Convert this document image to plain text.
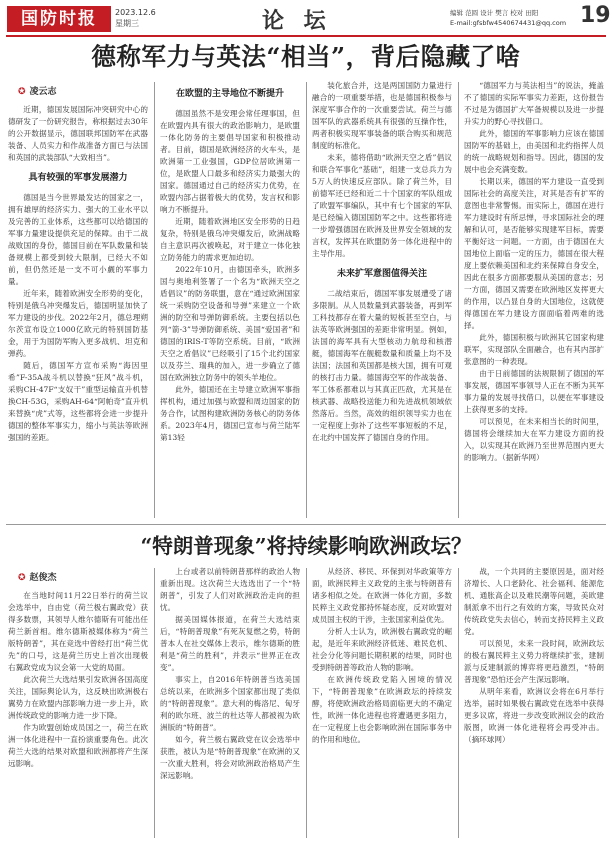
国防时报	2023.12.6
星期三	论 坛	编辑 范圆 设计 樊言 校对 田阳
E-mail:gfsbfw4540674431@qq.com 19
德称军力与英法“相当”，背后隐藏了啥
✪ 凌云志

近期，德国发展国际冲突研究中心的德研发了一份研究报告，称根据过去30年的公开数据显示，德国联邦国防军在武器装备、人员实力和作战准备方面已与法国和英国的武装部队“大致相当”。

具有较强的军事发展潜力

德国是当今世界最发达的国家之一，拥有雄厚的经济实力、强大的工业水平以及完善的工业体系，这些都可以给德国的军事力量建设提供充足的保障。由于二战战败国的身份，德国目前在军队数量和装备规模上都受到较大限制，已经大不如前，但仍然还是一支不可小觑的军事力量。

近年来，随着欧洲安全形势的变化，特别是俄乌冲突爆发后，德国明显加快了军力建设的步伐。2022年2月，德总理朔尔茨宣布设立1000亿欧元的特别国防基金，用于为国防军购入更多战机、坦克和弹药。

随后，德国军方宣布采购“海因里希”F-35A战斗机以替换“狂风”战斗机，采购CH-47F“支奴干”重型运输直升机替换CH-53G，采购AH-64“阿帕奇”直升机来替换“虎”式等，这些都将会进一步提升德国的整体军事实力，缩小与英法等欧洲强国的差距。

在欧盟的主导地位不断提升

德国虽然不是安理会常任理事国，但在欧盟内具有很大的政治影响力，是欧盟一体化防务的主要倡导国家和积极推动者。目前，德国是欧洲经济的火车头，是欧洲第一工业强国，GDP位居欧洲第一位，是欧盟人口最多和经济实力最强大的国家。德国通过自己的经济实力优势，在欧盟内部占据着极大的优势，发言权和影响力不断提升。

近期，随着欧洲地区安全形势的日趋复杂，特别是俄乌冲突爆发后，欧洲战略自主意识再次被唤起，对于建立一体化独立防务能力的需求更加迫切。

2022年10月，由德国牵头，欧洲多国与奥地利签署了一个名为“欧洲天空之盾倡议”的防务联盟，意在“通过欧洲国家统一采购防空设备和导弹”来建立一个欧洲的防空和导弹防御系统。主要包括以色列“箭-3”导弹防御系统、美国“爱国者”和德国的IRIS-T等防空系统。目前，“欧洲天空之盾倡议”已经吸引了15个北约国家以及芬兰、瑞典的加入，进一步确立了德国在欧洲独立防务中的领头羊地位。

此外，德国还在主导建立欧洲军事指挥机构，通过加强与欧盟和周边国家的防务合作，试图构建欧洲防务核心的防务体系。2023年4月，德国已宣布与荷兰陆军第13轻

装化旅合并，这是两国国防力量进行融合的一项重要举措，也是德国积极参与深度军事合作的一次重要尝试。荷兰与德国军队的武器系统具有很强的互操作性，两者积极实现军事装备的联合购买和规范制度的标准化。

未来，德将借助“欧洲天空之盾”倡议和联合军事化“基础”，组建一支总兵力为5万人的快速反应部队。除了荷兰外，目前德军还已经和近二十个国家的军队组成了欧盟军事编队，其中有七个国家的军队是已经编入德国国防军之中。这些都将进一步增强德国在欧洲及世界安全领域的发言权，发挥其在欧盟防务一体化进程中的主导作用。

未来扩军意图值得关注

二战结束后，德国军事发展遭受了诸多限制。从人员数量到武器装备，再到军工科技都存在着大量的短板甚至空白，与法英等欧洲强国的差距非常明显。例如，法国的海军具有大型核动力航母和核潜艇，德国海军在舰艇数量和质量上均不及法国；法国和英国都是核大国，拥有可观的核打击力量。德国海空军的作战装备、军工体系都难以与其真正匹敌，尤其是在核武器、战略投送能力和先进战机领域依然落后。当然，高效的组织领导实力也在一定程度上弥补了这些军事短板的不足，在北约中国发挥了德国自身的作用。

“德国军力与英法相当”的说法，掩盖不了德国的实际军事实力差距，这份报告不过是为德国扩大军备规模以及进一步提升实力的野心寻找借口。

此外，德国的军事影响力应该在德国国防军的基础上，由美国和北约指挥人员的统一战略规划和指导。因此，德国的发展中也会充满变数。

长期以来，德国的军力建设一直受到国际社会的高度关注，对其是否有扩军的意图也非常警惕。而实际上，德国在进行军力建设时有所忌惮，寻求国际社会的理解和认可，是否能够实现建军目标，需要平衡好这一问题。一方面，由于德国在大国地位上面临一定的压力，德国在很大程度上要依赖美国和北约来保障自身安全，因此在很多方面都要服从美国的意志；另一方面，德国又需要在欧洲地区发挥更大的作用，以凸显自身的大国地位，这就使得德国在军力建设方面面临着两难的选择。

此外，德国积极与欧洲其它国家构建联军，实现部队全面融合，也有其内部扩张意图的一种表现。

由于日前德国的法规限制了德国的军事发展，德国军事领导人正在不断为其军事力量的发展寻找借口，以便在军事建设上获得更多的支持。

可以预见，在未来相当长的时间里，德国将会继续加大在军力建设方面的投入，以实现其在欧洲乃至世界范围内更大的影响力。（据新华网）

“特朗普现象”将持续影响欧洲政坛？
✪ 赵俊杰

在当地时间11月22日举行的荷兰议会选举中，自由党（荷兰极右翼政党）获得多数票，其领导人维尔德斯有可能出任荷兰新首相。维尔德斯被媒体称为“荷兰版特朗普”，其在竞选中曾经打出“荷兰优先”的口号，这是荷兰历史上首次出现极右翼政党成为议会第一大党的局面。

此次荷兰大选结果引发欧洲各国高度关注，国际舆论认为，这反映出欧洲极右翼势力在欧盟内部影响力进一步上升，欧洲传统政党的影响力进一步下降。

作为欧盟创始成员国之一，荷兰在欧洲一体化进程中一直扮演重要角色。此次荷兰大选的结果对欧盟和欧洲都将产生深远影响。

上台或者以前特朗普那样的政治人物重新出现。这次荷兰大选选出了一个“特朗普”，引发了人们对欧洲政治走向的担忧。

据美国媒体报道，在荷兰大选结束后，“特朗普现象”有死灰复燃之势，特朗普本人在社交媒体上表示，维尔德斯的胜利是“荷兰的胜利”，并表示“世界正在改变”。

事实上，自2016年特朗普当选美国总统以来，在欧洲多个国家都出现了类似的“特朗普现象”。意大利的梅洛尼、匈牙利的欧尔班、波兰的杜达等人都被视为欧洲版的“特朗普”。

如今，荷兰极右翼政党在议会选举中获胜，被认为是“特朗普现象”在欧洲的又一次重大胜利，将会对欧洲政治格局产生深远影响。

从经济、移民、环保到对华政策等方面，欧洲民粹主义政党的主张与特朗普有诸多相似之处。在欧洲一体化方面，多数民粹主义政党都持怀疑态度，反对欧盟对成员国主权的干涉，主张国家利益优先。

分析人士认为，欧洲极右翼政党的崛起，是近年来欧洲经济低迷、难民危机、社会分化等问题长期积累的结果，同时也受到特朗普等政治人物的影响。

在欧洲传统政党陷入困境的情况下，“特朗普现象”在欧洲政坛的持续发酵，将使欧洲政治格局面临更大的不确定性，欧洲一体化进程也将遭遇更多阻力，在一定程度上也会影响欧洲在国际事务中的作用和地位。

战，一个共同的主要原因是，面对经济增长、人口老龄化、社会福利、能源危机、通胀高企以及难民潮等问题，美欧建制派拿不出行之有效的方案，导致民众对传统政党失去信心，转而支持民粹主义政党。

可以预见，未来一段时间，欧洲政坛的极右翼民粹主义势力将继续扩张，建制派与反建制派的博弈将更趋激烈，“特朗普现象”恐怕还会产生深远影响。

从明年来看，欧洲议会将在6月举行选举，届时如果极右翼政党在选举中获得更多议席，将进一步改变欧洲议会的政治版图，欧洲一体化进程将会再受冲击。（摘环球网）
